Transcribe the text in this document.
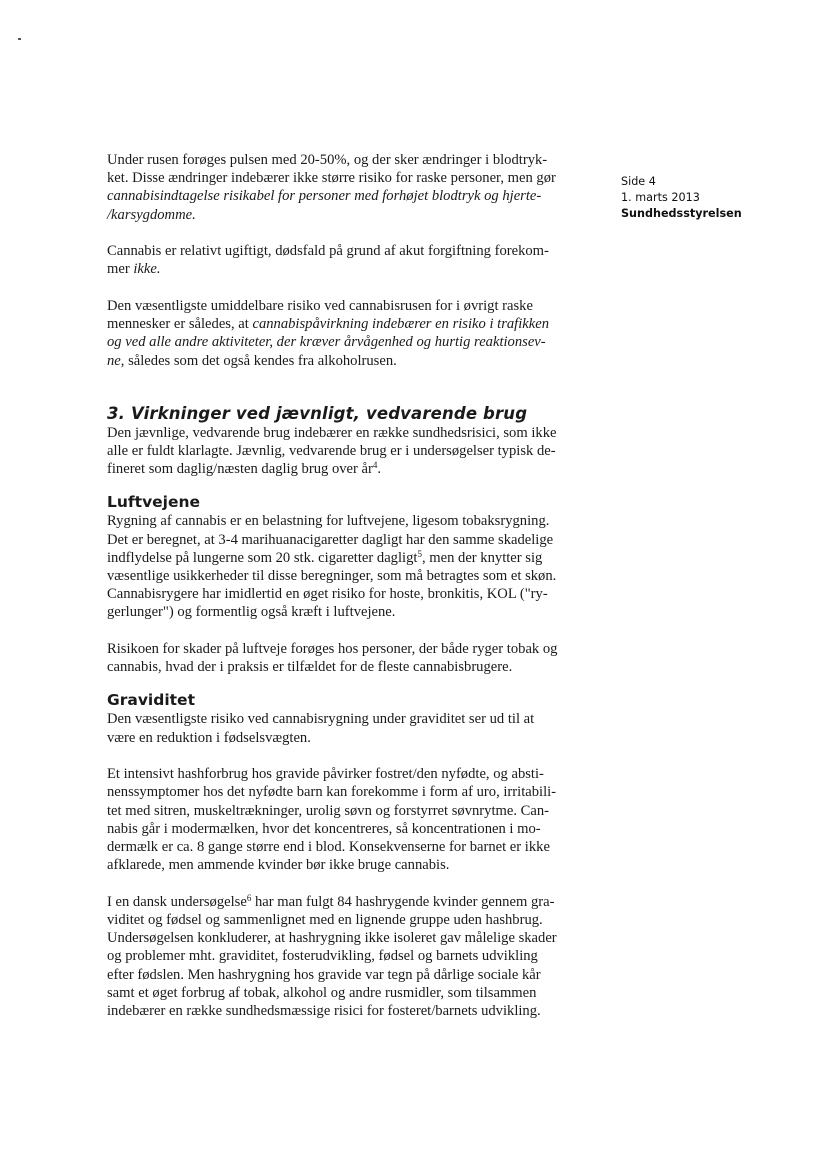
Side 4
1. marts 2013
Sundhedsstyrelsen

Under rusen forøges pulsen med 20-50%, og der sker ændringer i blodtryk-
ket. Disse ændringer indebærer ikke større risiko for raske personer, men gør
cannabisindtagelse risikabel for personer med forhøjet blodtryk og hjerte-
/karsygdomme.

Cannabis er relativt ugiftigt, dødsfald på grund af akut forgiftning forekom-
mer ikke.

Den væsentligste umiddelbare risiko ved cannabisrusen for i øvrigt raske
mennesker er således, at cannabispåvirkning indebærer en risiko i trafikken
og ved alle andre aktiviteter, der kræver årvågenhed og hurtig reaktionsev-
ne, således som det også kendes fra alkoholrusen.

3. Virkninger ved jævnligt, vedvarende brug

Den jævnlige, vedvarende brug indebærer en række sundhedsrisici, som ikke
alle er fuldt klarlagte. Jævnlig, vedvarende brug er i undersøgelser typisk de-
fineret som daglig/næsten daglig brug over $år^4$.

Luftvejene

Rygning af cannabis er en belastning for luftvejene, ligesom tobaksrygning.
Det er beregnet, at 3-4 marihuanacigaretter dagligt har den samme skadelige
indflydelse på lungerne som 20 stk. cigaretter dagligt$^5$, men der knytter sig
væsentlige usikkerheder til disse beregninger, som må betragtes som et skøn.
Cannabisrygere har imidlertid en øget risiko for hoste, bronkitis, KOL ("ry-
gerlunger") og formentlig også kræft i luftvejene.

Risikoen for skader på luftveje forøges hos personer, der både ryger tobak og
cannabis, hvad der i praksis er tilfældet for de fleste cannabisbrugere.

Graviditet

Den væsentligste risiko ved cannabisrygning under graviditet ser ud til at
være en reduktion i fødselsvægten.

Et intensivt hashforbrug hos gravide påvirker fostret/den nyfødte, og absti-
nenssymptomer hos det nyfødte barn kan forekomme i form af uro, irritabili-
tet med sitren, muskeltrækninger, urolig søvn og forstyrret søvnrytme. Can-
nabis går i modermælken, hvor det koncentreres, så koncentrationen i mo-
dermælk er ca. 8 gange større end i blod. Konsekvenserne for barnet er ikke
afklarede, men ammende kvinder bør ikke bruge cannabis.

I en dansk undersøgelse$^6$ har man fulgt 84 hashrygende kvinder gennem gra-
viditet og fødsel og sammenlignet med en lignende gruppe uden hashbrug.
Undersøgelsen konkluderer, at hashrygning ikke isoleret gav målelige skader
og problemer mht. graviditet, fosterudvikling, fødsel og barnets udvikling
efter fødslen. Men hashrygning hos gravide var tegn på dårlige sociale kår
samt et øget forbrug af tobak, alkohol og andre rusmidler, som tilsammen
indebærer en række sundhedsmæssige risici for fosteret/barnets udvikling.
